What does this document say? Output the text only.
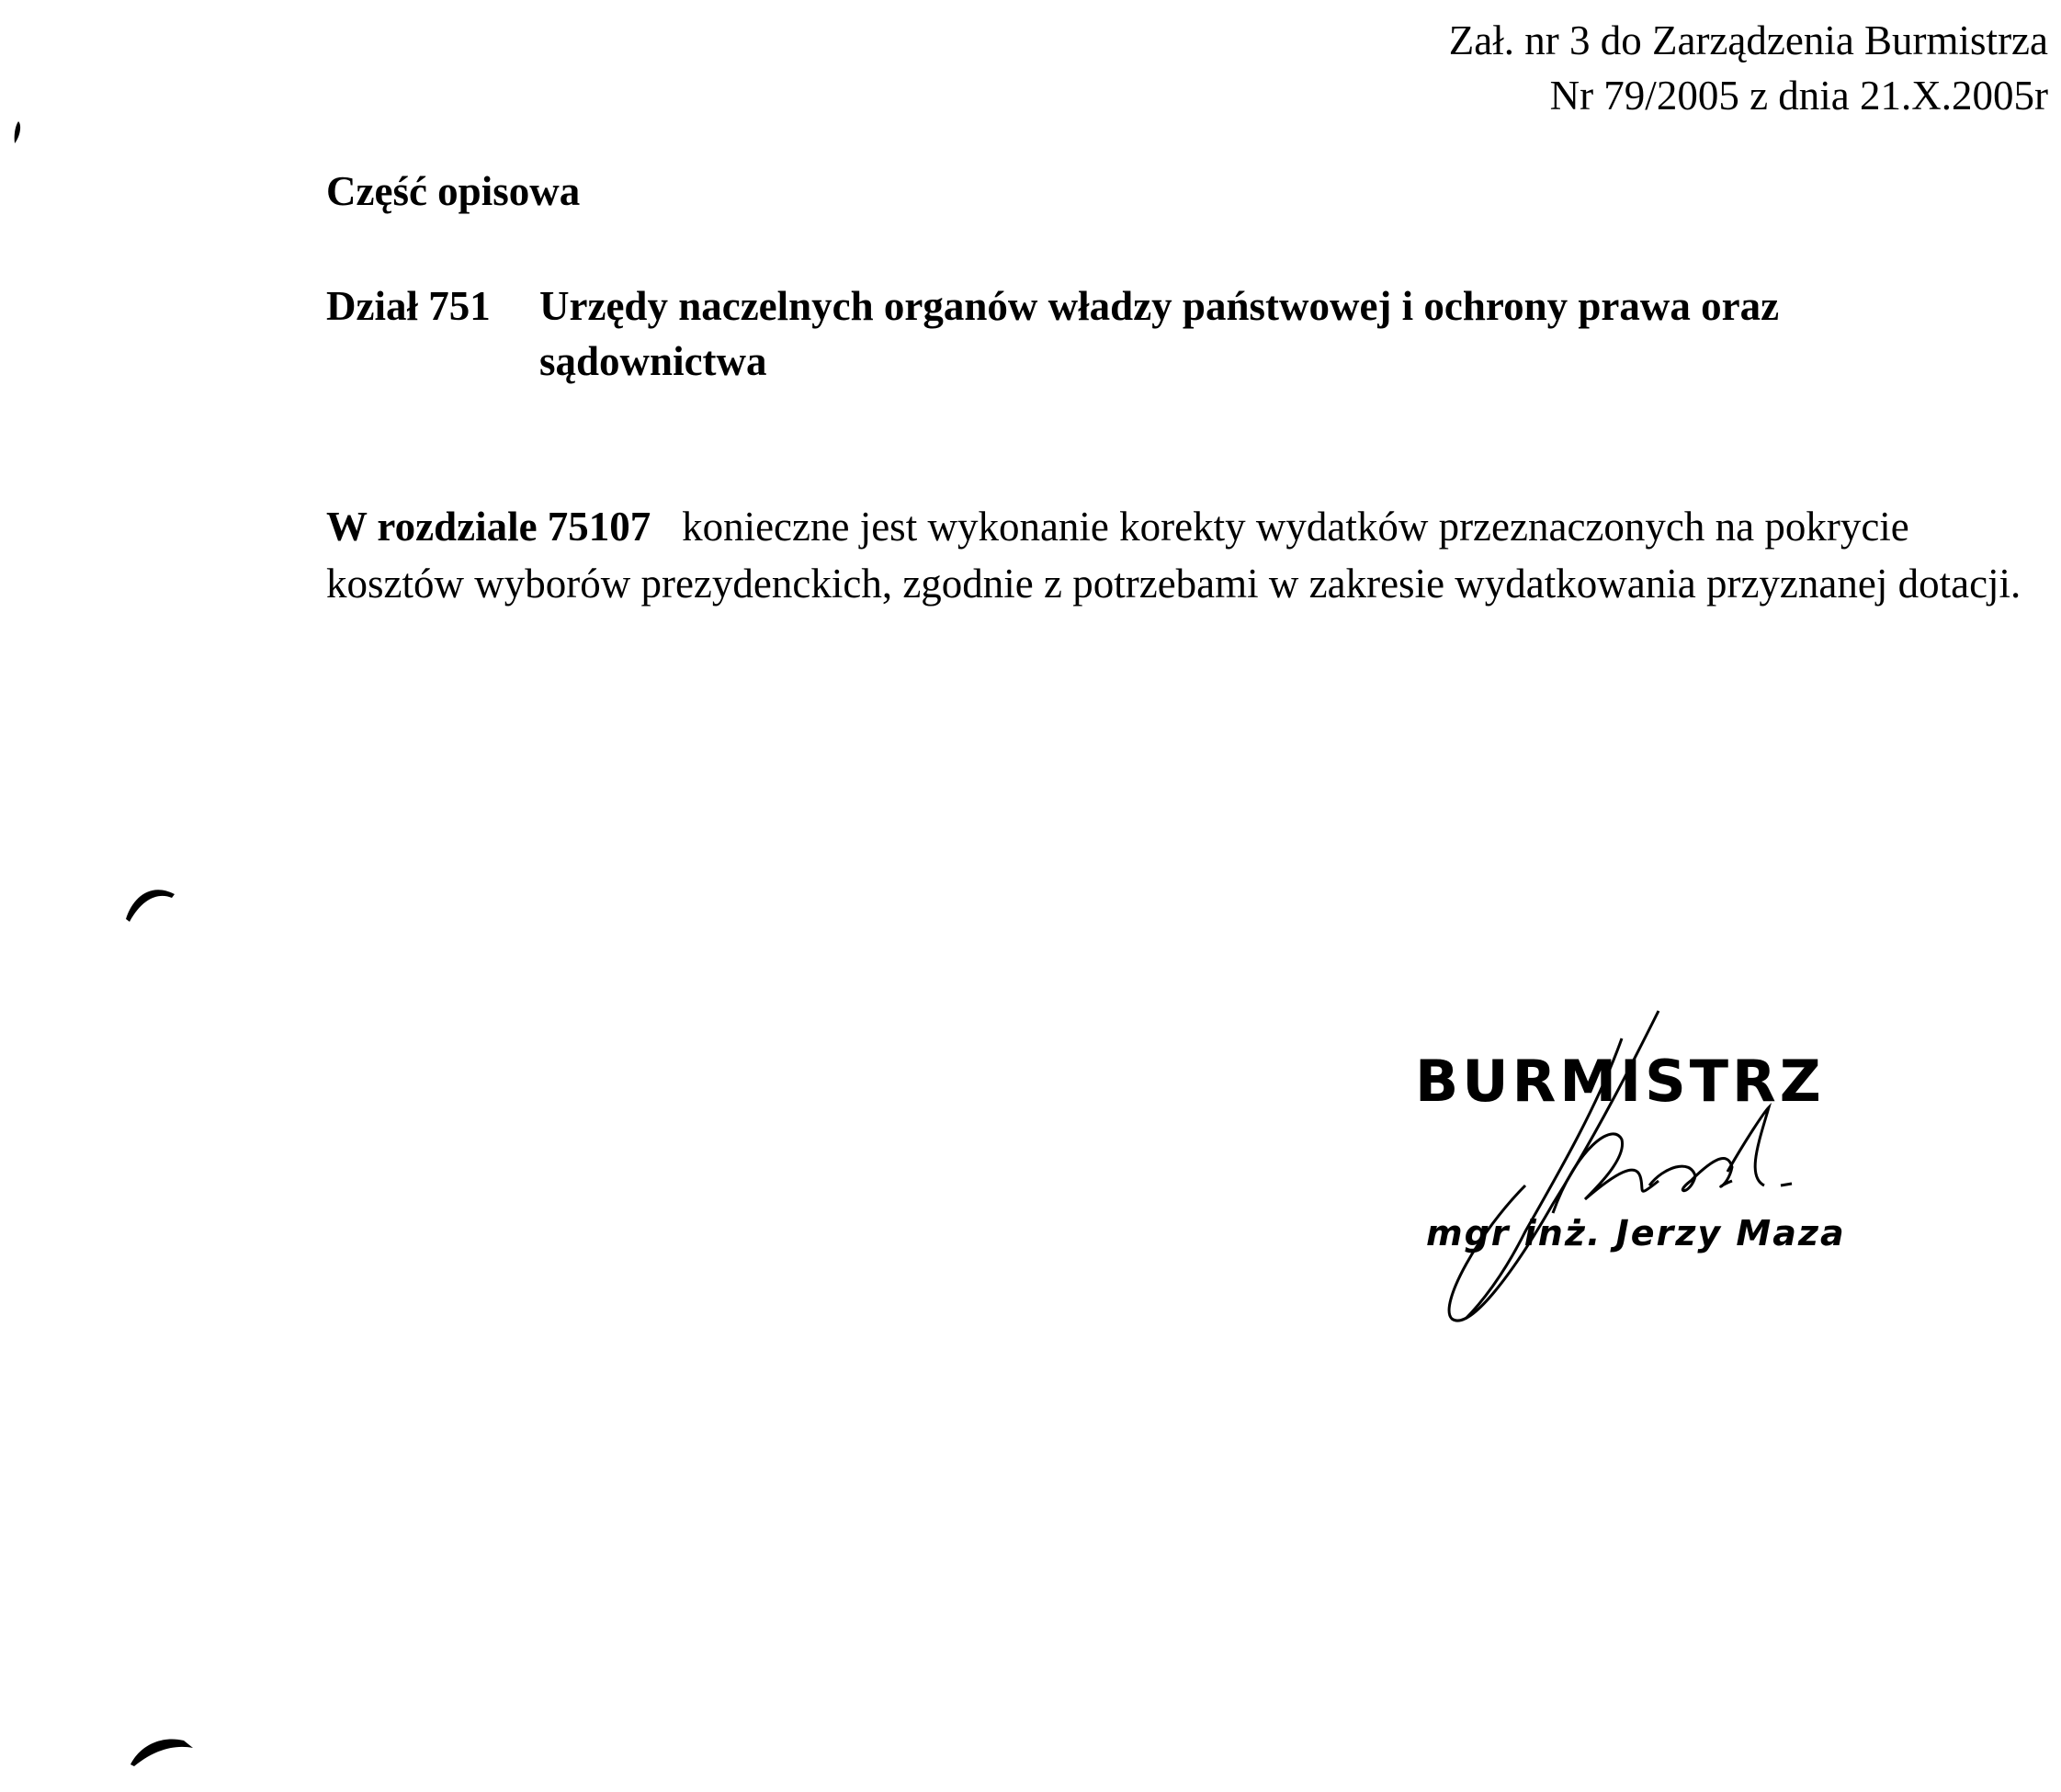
Zał. nr 3 do Zarządzenia Burmistrza
Nr 79/2005 z dnia 21.X.2005r
Część opisowa
Dział 751 Urzędy naczelnych organów władzy państwowej i ochrony prawa oraz sądownictwa
W rozdziale 75107 konieczne jest wykonanie korekty wydatków przeznaczonych na pokrycie kosztów wyborów prezydenckich, zgodnie z potrzebami w zakresie wydatkowania przyznanej dotacji.
BURMISTRZ
mgr inż. Jerzy Maza
